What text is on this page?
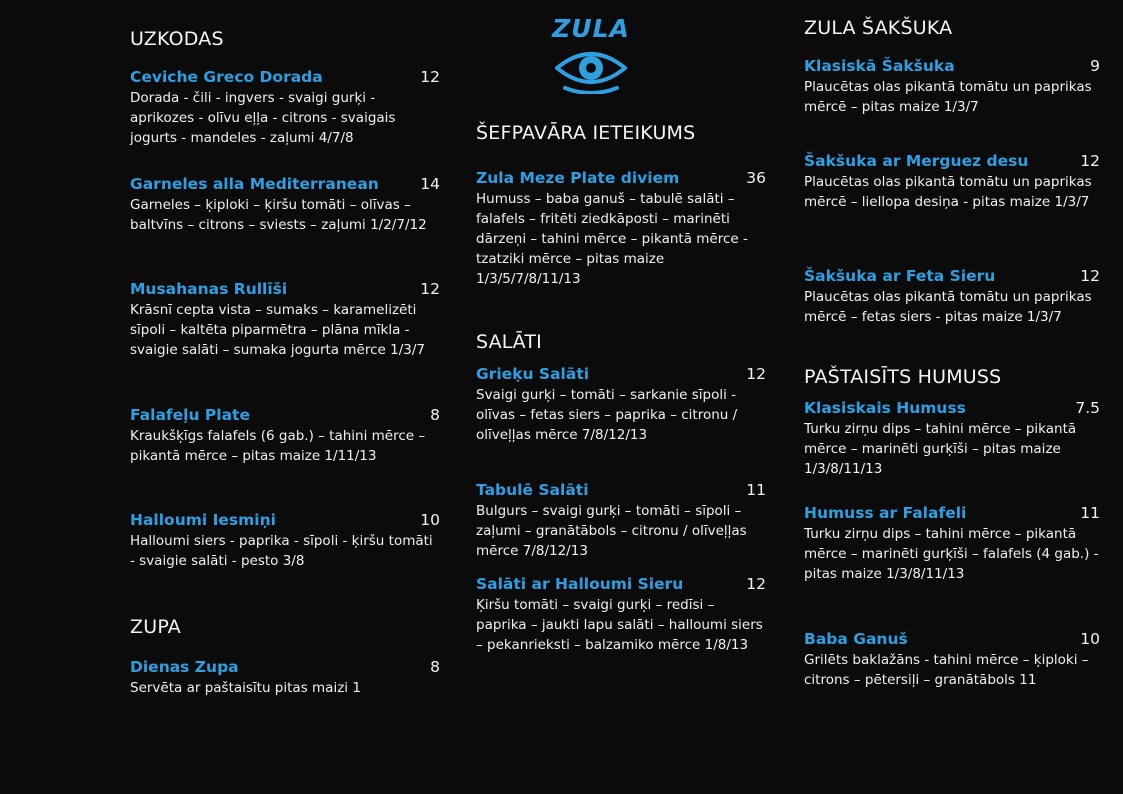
ZULA
UZKODAS
Ceviche Greco Dorada	12
Dorada - čili - ingvers - svaigi gurķi - aprikozes - olīvu eļļa - citrons - svaigais jogurts - mandeles - zaļumi 4/7/8
Garneles alla Mediterranean	14
Garneles – ķiploki – ķiršu tomāti – olīvas – baltvīns – citrons – sviests – zaļumi 1/2/7/12
Musahanas Rullīši	12
Krāsnī cepta vista – sumaks – karamelizēti sīpoli – kaltēta piparmētra – plāna mīkla - svaigie salāti – sumaka jogurta mērce 1/3/7
Falafeļu Plate	8
Kraukšķīgs falafels (6 gab.) – tahini mērce – pikantā mērce – pitas maize 1/11/13
Halloumi Iesmiņi	10
Halloumi siers - paprika - sīpoli - ķiršu tomāti - svaigie salāti - pesto 3/8
ZUPA
Dienas Zupa	8
Servēta ar paštaisītu pitas maizi 1
ŠEFPAVĀRA IETEIKUMS
Zula Meze Plate diviem	36
Humuss – baba ganuš – tabulē salāti – falafels – fritēti ziedkāposti – marinēti dārzeņi – tahini mērce – pikantā mērce - tzatziki mērce – pitas maize 1/3/5/7/8/11/13
SALĀTI
Grieķu Salāti	12
Svaigi gurķi – tomāti – sarkanie sīpoli - olīvas – fetas siers – paprika – citronu / olīveļļas mērce 7/8/12/13
Tabulē Salāti	11
Bulgurs – svaigi gurķi – tomāti – sīpoli – zaļumi – granātābols – citronu / olīveļļas mērce 7/8/12/13
Salāti ar Halloumi Sieru	12
Ķiršu tomāti – svaigi gurķi – redīsi – paprika – jaukti lapu salāti – halloumi siers – pekanrieksti – balzamiko mērce 1/8/13
ZULA ŠAKŠUKA
Klasiskā Šakšuka	9
Plaucētas olas pikantā tomātu un paprikas mērcē – pitas maize 1/3/7
Šakšuka ar Merguez desu	12
Plaucētas olas pikantā tomātu un paprikas mērcē – liellopa desiņa - pitas maize 1/3/7
Šakšuka ar Feta Sieru	12
Plaucētas olas pikantā tomātu un paprikas mērcē – fetas siers - pitas maize 1/3/7
PAŠTAISĪTS HUMUSS
Klasiskais Humuss	7.5
Turku zirņu dips – tahini mērce – pikantā mērce – marinēti gurķīši – pitas maize 1/3/8/11/13
Humuss ar Falafeli	11
Turku zirņu dips – tahini mērce – pikantā mērce – marinēti gurķīši – falafels (4 gab.) - pitas maize 1/3/8/11/13
Baba Ganuš	10
Grilēts baklažāns - tahini mērce – ķiploki – citrons – pētersiļi – granātābols 11
